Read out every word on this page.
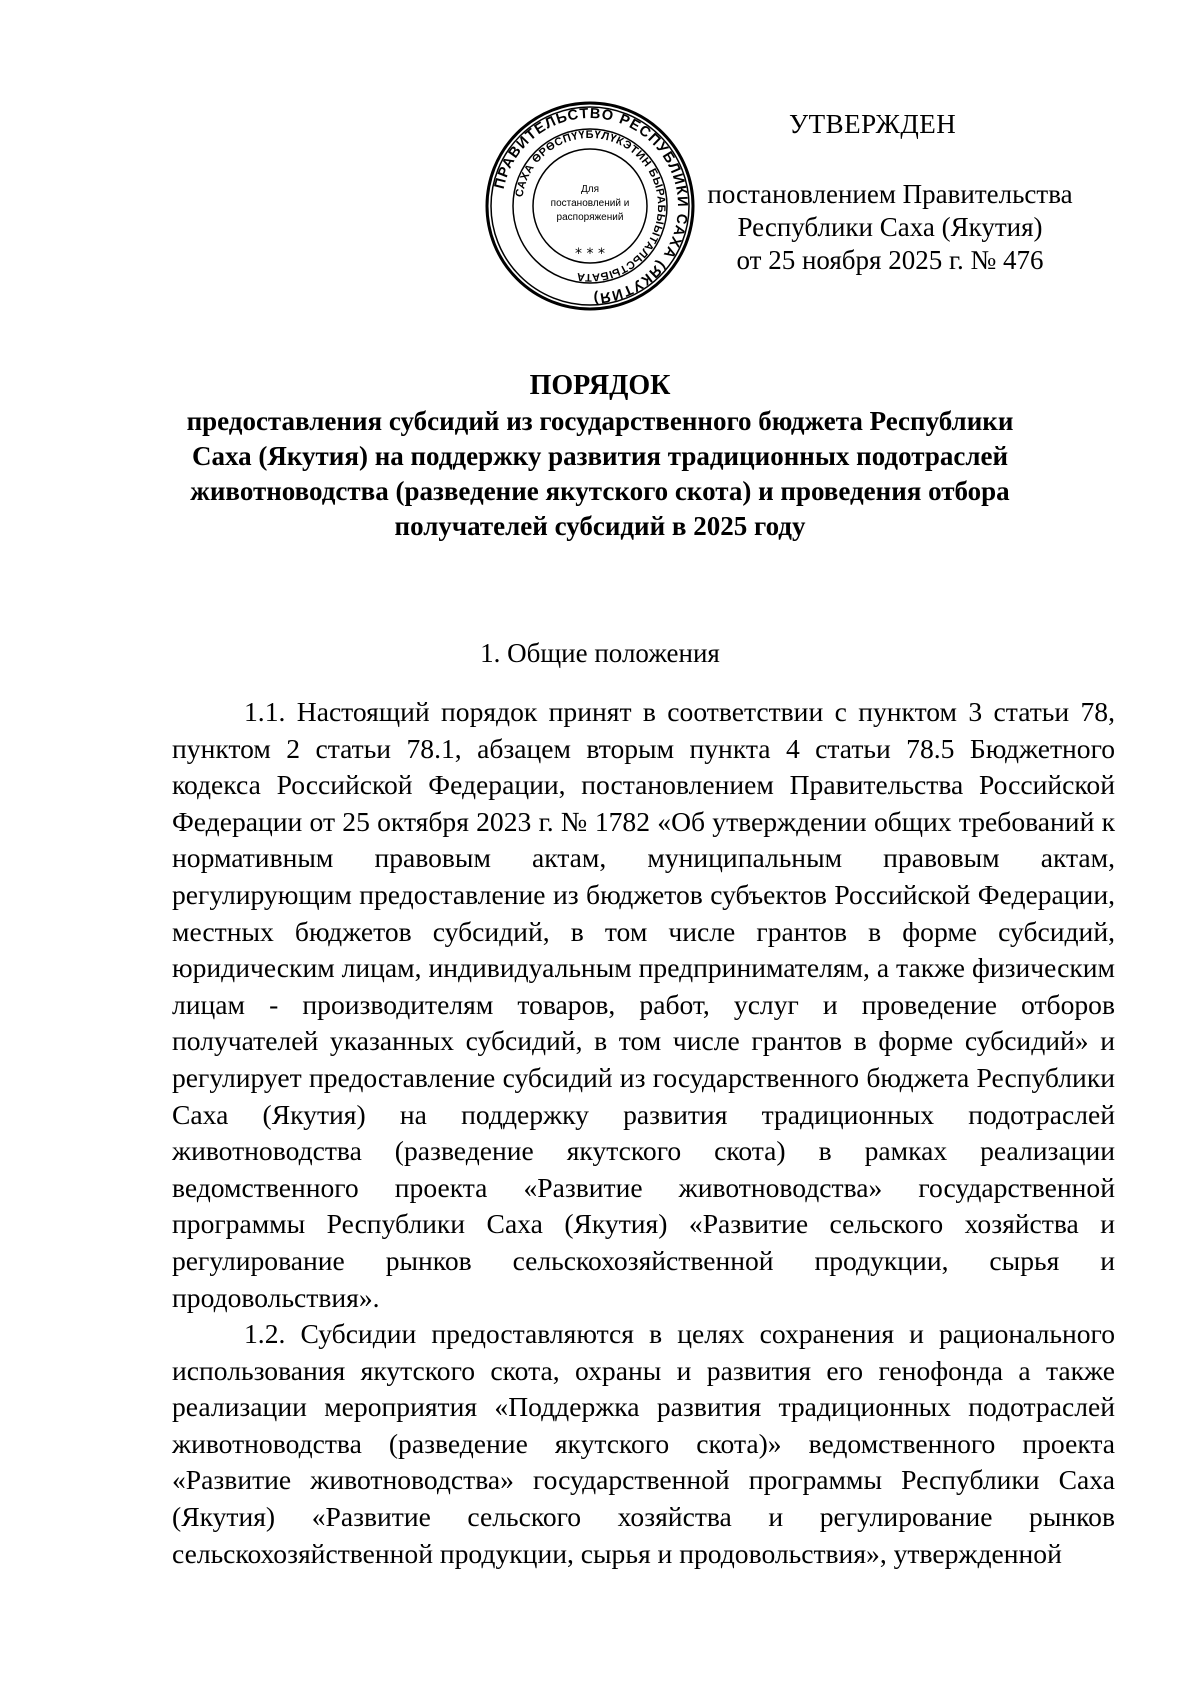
ПРАВИТЕЛЬСТВО РЕСПУБЛИКИ САХА (ЯКУТИЯ)
САХА ӨРӨСПҮҮБҮЛҮКЭТИН БЫРАБЫЫТАЛЬСТЫБАТА
Для
постановлений и
распоряжений
* * *

УТВЕРЖДЕН

постановлением Правительства
Республики Саха (Якутия)
от 25 ноября 2025 г. № 476

ПОРЯДОК

предоставления субсидий из государственного бюджета Республики

Саха (Якутия) на поддержку развития традиционных подотраслей

животноводства (разведение якутского скота) и проведения отбора

получателей субсидий в 2025 году

1. Общие положения

1.1. Настоящий порядок принят в соответствии с пунктом 3 статьи 78, пунктом 2 статьи 78.1, абзацем вторым пункта 4 статьи 78.5 Бюджетного кодекса Российской Федерации, постановлением Правительства Российской Федерации от 25 октября 2023 г. № 1782 «Об утверждении общих требований к нормативным правовым актам, муниципальным правовым актам, регулирующим предоставление из бюджетов субъектов Российской Федерации, местных бюджетов субсидий, в том числе грантов в форме субсидий, юридическим лицам, индивидуальным предпринимателям, а также физическим лицам - производителям товаров, работ, услуг и проведение отборов получателей указанных субсидий, в том числе грантов в форме субсидий» и регулирует предоставление субсидий из государственного бюджета Республики Саха (Якутия) на поддержку развития традиционных подотраслей животноводства (разведение якутского скота) в рамках реализации ведомственного проекта «Развитие животноводства» государственной программы Республики Саха (Якутия) «Развитие сельского хозяйства и регулирование рынков сельскохозяйственной продукции, сырья и продовольствия».

1.2. Субсидии предоставляются в целях сохранения и рационального использования якутского скота, охраны и развития его генофонда а также реализации мероприятия «Поддержка развития традиционных подотраслей животноводства (разведение якутского скота)» ведомственного проекта «Развитие животноводства» государственной программы Республики Саха (Якутия) «Развитие сельского хозяйства и регулирование рынков сельскохозяйственной продукции, сырья и продовольствия», утвержденной
